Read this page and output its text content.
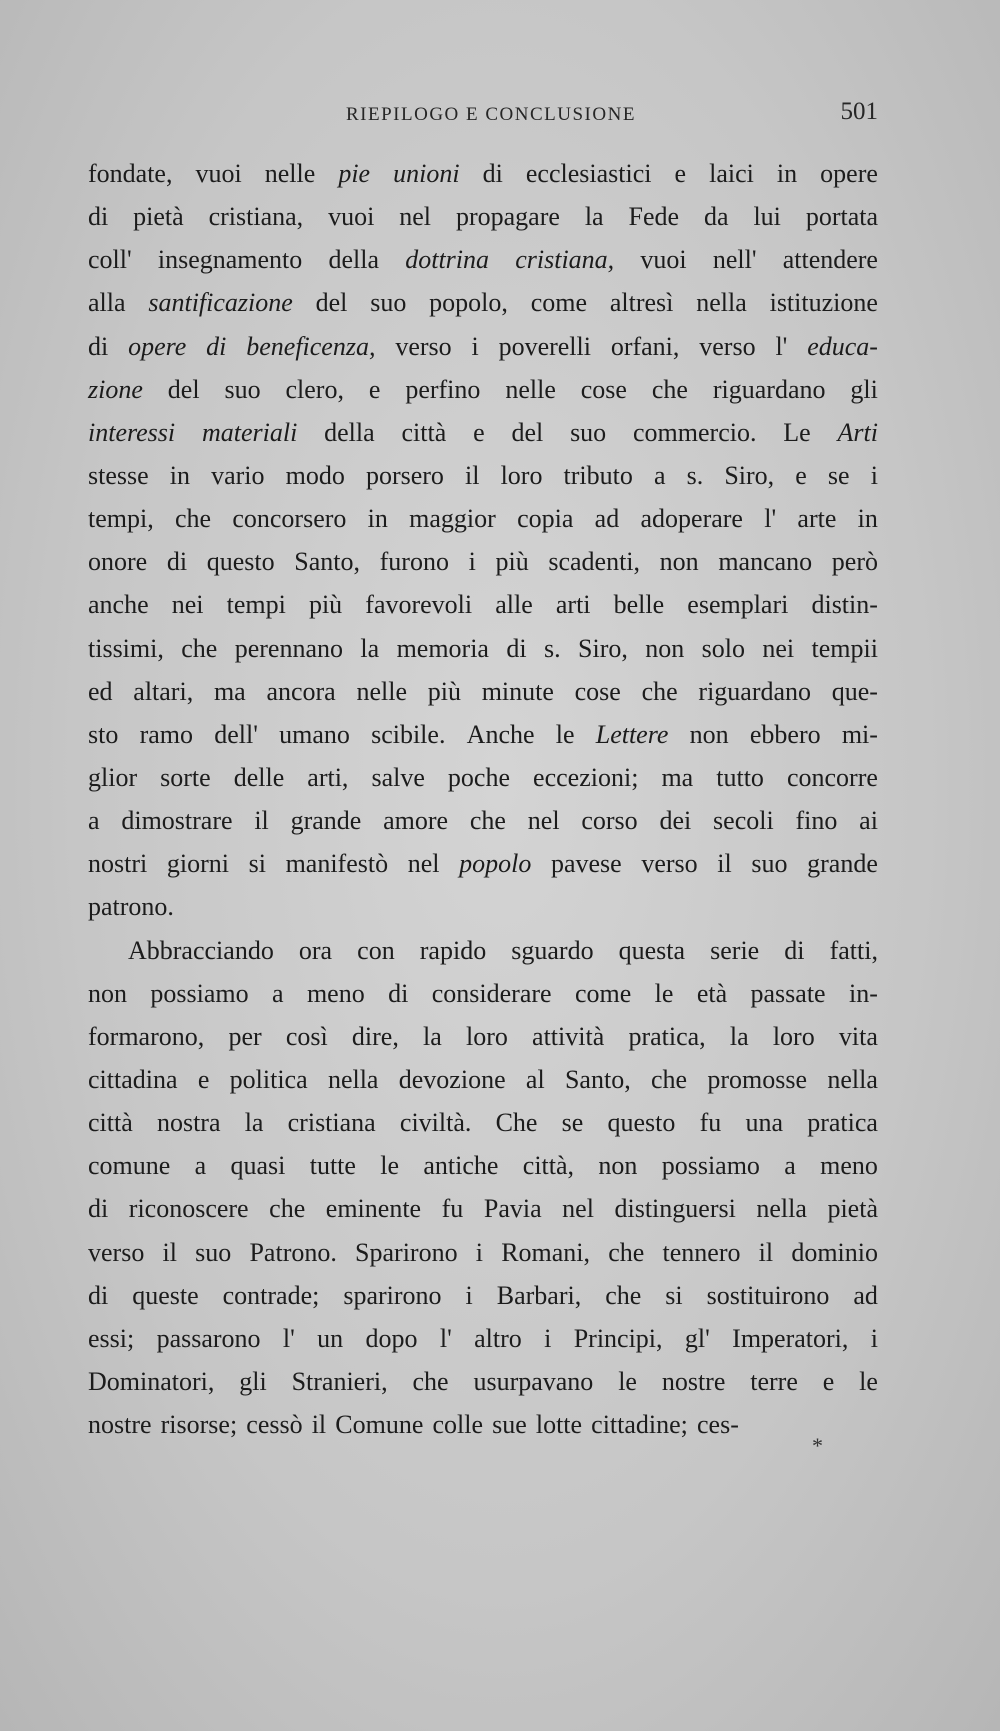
RIEPILOGO E CONCLUSIONE	501
fondate, vuoi nelle pie unioni di ecclesiastici e laici in opere
di pietà cristiana, vuoi nel propagare la Fede da lui portata
coll' insegnamento della dottrina cristiana, vuoi nell' attendere
alla santificazione del suo popolo, come altresì nella istituzione
di opere di beneficenza, verso i poverelli orfani, verso l' educa-
zione del suo clero, e perfino nelle cose che riguardano gli
interessi materiali della città e del suo commercio. Le Arti
stesse in vario modo porsero il loro tributo a s. Siro, e se i
tempi, che concorsero in maggior copia ad adoperare l' arte in
onore di questo Santo, furono i più scadenti, non mancano però
anche nei tempi più favorevoli alle arti belle esemplari distin-
tissimi, che perennano la memoria di s. Siro, non solo nei tempii
ed altari, ma ancora nelle più minute cose che riguardano que-
sto ramo dell' umano scibile. Anche le Lettere non ebbero mi-
glior sorte delle arti, salve poche eccezioni; ma tutto concorre
a dimostrare il grande amore che nel corso dei secoli fino ai
nostri giorni si manifestò nel popolo pavese verso il suo grande
patrono.
Abbracciando ora con rapido sguardo questa serie di fatti,
non possiamo a meno di considerare come le età passate in-
formarono, per così dire, la loro attività pratica, la loro vita
cittadina e politica nella devozione al Santo, che promosse nella
città nostra la cristiana civiltà. Che se questo fu una pratica
comune a quasi tutte le antiche città, non possiamo a meno
di riconoscere che eminente fu Pavia nel distinguersi nella pietà
verso il suo Patrono. Sparirono i Romani, che tennero il dominio
di queste contrade; sparirono i Barbari, che si sostituirono ad
essi; passarono l' un dopo l' altro i Principi, gl' Imperatori, i
Dominatori, gli Stranieri, che usurpavano le nostre terre e le
nostre risorse; cessò il Comune colle sue lotte cittadine; ces-
*
